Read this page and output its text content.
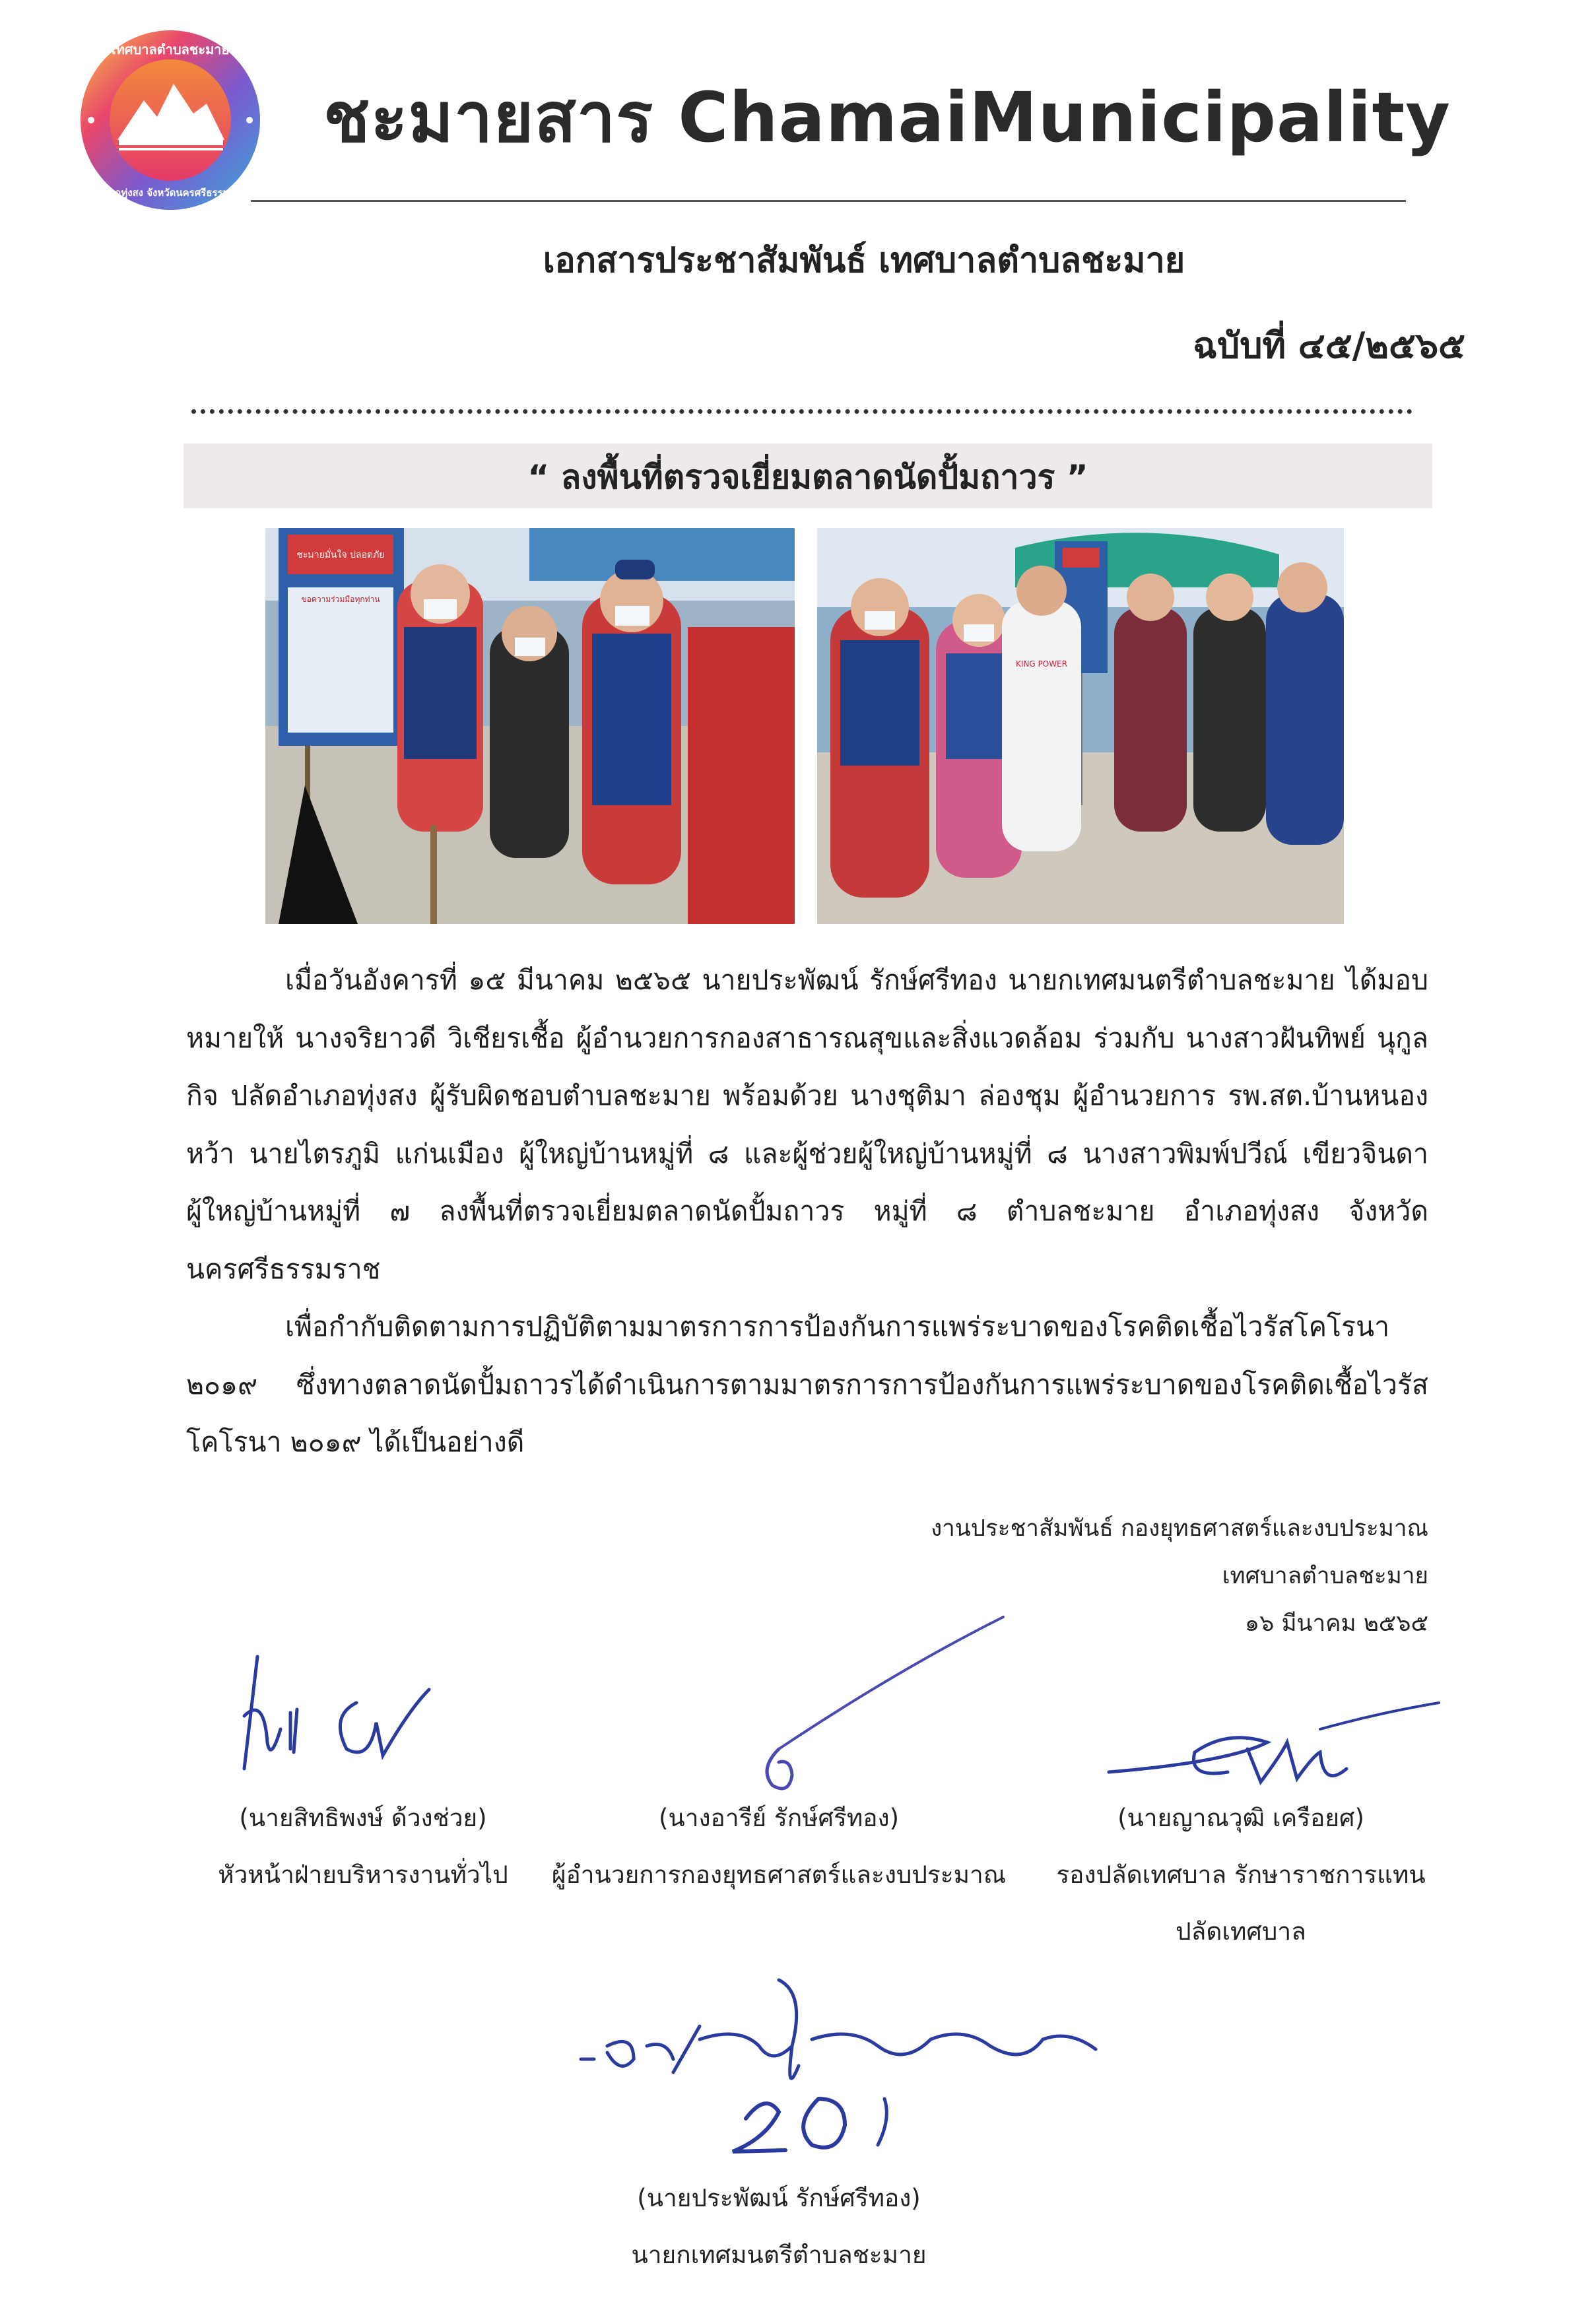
เทศบาลตำบลชะมาย
อำเภอทุ่งสง จังหวัดนครศรีธรรมราช
ชะมายสาร ChamaiMunicipality
เอกสารประชาสัมพันธ์ เทศบาลตำบลชะมาย
ฉบับที่ ๔๕/๒๕๖๕
“ ลงพื้นที่ตรวจเยี่ยมตลาดนัดปั้มถาวร ”
ชะมายมั่นใจ ปลอดภัย
ขอความร่วมมือทุกท่าน
KING POWER

เมื่อวันอังคารที่ ๑๕ มีนาคม ๒๕๖๕ นายประพัฒน์ รักษ์ศรีทอง นายกเทศมนตรีตำบลชะมาย ได้มอบหมายให้ นางจริยาวดี วิเชียรเชื้อ ผู้อำนวยการกองสาธารณสุขและสิ่งแวดล้อม ร่วมกับ นางสาวฝันทิพย์ นุกูลกิจ ปลัดอำเภอทุ่งสง ผู้รับผิดชอบตำบลชะมาย พร้อมด้วย นางชุติมา ล่องชุม ผู้อำนวยการ รพ.สต.บ้านหนองหว้า นายไตรภูมิ แก่นเมือง ผู้ใหญ่บ้านหมู่ที่ ๘ และผู้ช่วยผู้ใหญ่บ้านหมู่ที่ ๘ นางสาวพิมพ์ปวีณ์ เขียวจินดา ผู้ใหญ่บ้านหมู่ที่ ๗ ลงพื้นที่ตรวจเยี่ยมตลาดนัดปั้มถาวร หมู่ที่ ๘ ตำบลชะมาย อำเภอทุ่งสง จังหวัดนครศรีธรรมราช

เพื่อกำกับติดตามการปฏิบัติตามมาตรการการป้องกันการแพร่ระบาดของโรคติดเชื้อไวรัสโคโรนา ๒๐๑๙ ซึ่งทางตลาดนัดปั้มถาวรได้ดำเนินการตามมาตรการการป้องกันการแพร่ระบาดของโรคติดเชื้อไวรัสโคโรนา ๒๐๑๙ ได้เป็นอย่างดี

งานประชาสัมพันธ์ กองยุทธศาสตร์และงบประมาณ
เทศบาลตำบลชะมาย
๑๖ มีนาคม ๒๕๖๕
(นายสิทธิพงษ์ ด้วงช่วย)
หัวหน้าฝ่ายบริหารงานทั่วไป
(นางอารีย์ รักษ์ศรีทอง)
ผู้อำนวยการกองยุทธศาสตร์และงบประมาณ
(นายญาณวุฒิ เครือยศ)
รองปลัดเทศบาล รักษาราชการแทน
ปลัดเทศบาล
(นายประพัฒน์ รักษ์ศรีทอง)
นายกเทศมนตรีตำบลชะมาย
